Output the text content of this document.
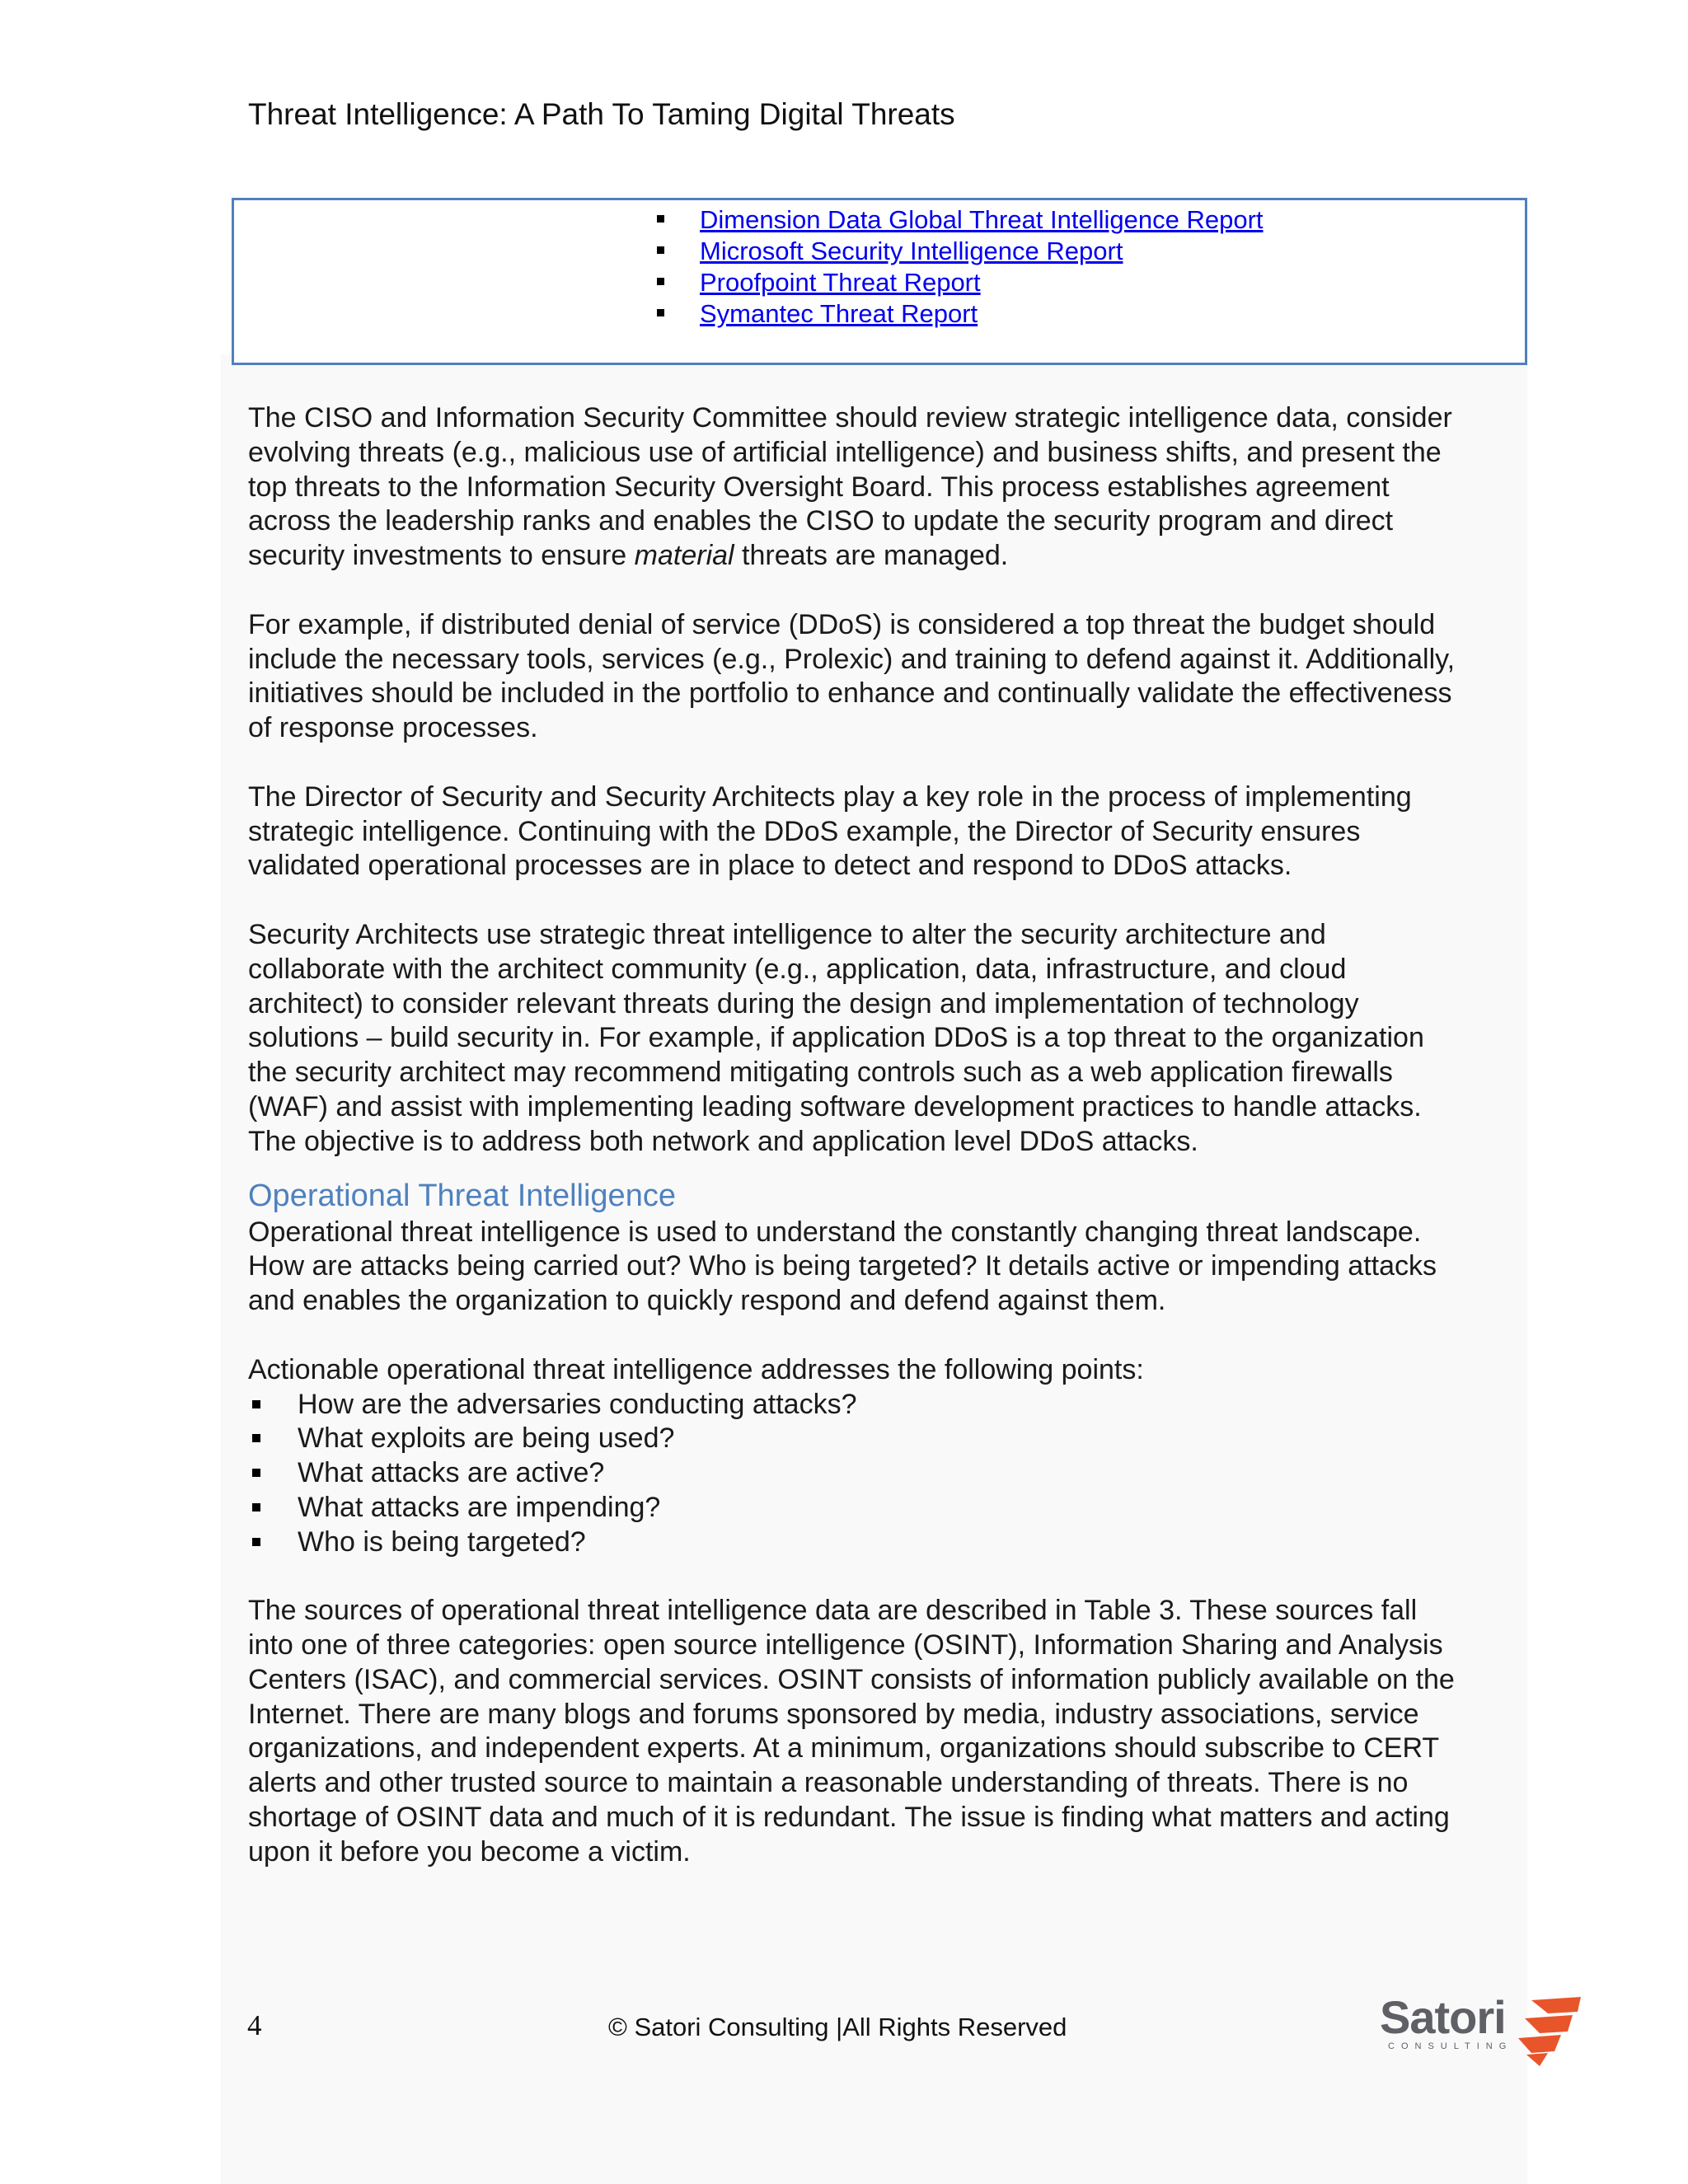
Threat Intelligence: A Path To Taming Digital Threats
Dimension Data Global Threat Intelligence Report
Microsoft Security Intelligence Report
Proofpoint Threat Report
Symantec Threat Report

The CISO and Information Security Committee should review strategic intelligence data, consider evolving threats (e.g., malicious use of artificial intelligence) and business shifts, and present the top threats to the Information Security Oversight Board. This process establishes agreement across the leadership ranks and enables the CISO to update the security program and direct security investments to ensure material threats are managed.

For example, if distributed denial of service (DDoS) is considered a top threat the budget should include the necessary tools, services (e.g., Prolexic) and training to defend against it. Additionally, initiatives should be included in the portfolio to enhance and continually validate the effectiveness of response processes.

The Director of Security and Security Architects play a key role in the process of implementing strategic intelligence. Continuing with the DDoS example, the Director of Security ensures validated operational processes are in place to detect and respond to DDoS attacks.

Security Architects use strategic threat intelligence to alter the security architecture and collaborate with the architect community (e.g., application, data, infrastructure, and cloud architect) to consider relevant threats during the design and implementation of technology solutions – build security in. For example, if application DDoS is a top threat to the organization the security architect may recommend mitigating controls such as a web application firewalls (WAF) and assist with implementing leading software development practices to handle attacks. The objective is to address both network and application level DDoS attacks.

Operational Threat Intelligence

Operational threat intelligence is used to understand the constantly changing threat landscape. How are attacks being carried out? Who is being targeted? It details active or impending attacks and enables the organization to quickly respond and defend against them.

Actionable operational threat intelligence addresses the following points:

How are the adversaries conducting attacks?
What exploits are being used?
What attacks are active?
What attacks are impending?
Who is being targeted?

The sources of operational threat intelligence data are described in Table 3. These sources fall into one of three categories: open source intelligence (OSINT), Information Sharing and Analysis Centers (ISAC), and commercial services. OSINT consists of information publicly available on the Internet. There are many blogs and forums sponsored by media, industry associations, service organizations, and independent experts. At a minimum, organizations should subscribe to CERT alerts and other trusted source to maintain a reasonable understanding of threats. There is no shortage of OSINT data and much of it is redundant. The issue is finding what matters and acting upon it before you become a victim.

4	© Satori Consulting |All Rights Reserved	Satori
CONSULTING
